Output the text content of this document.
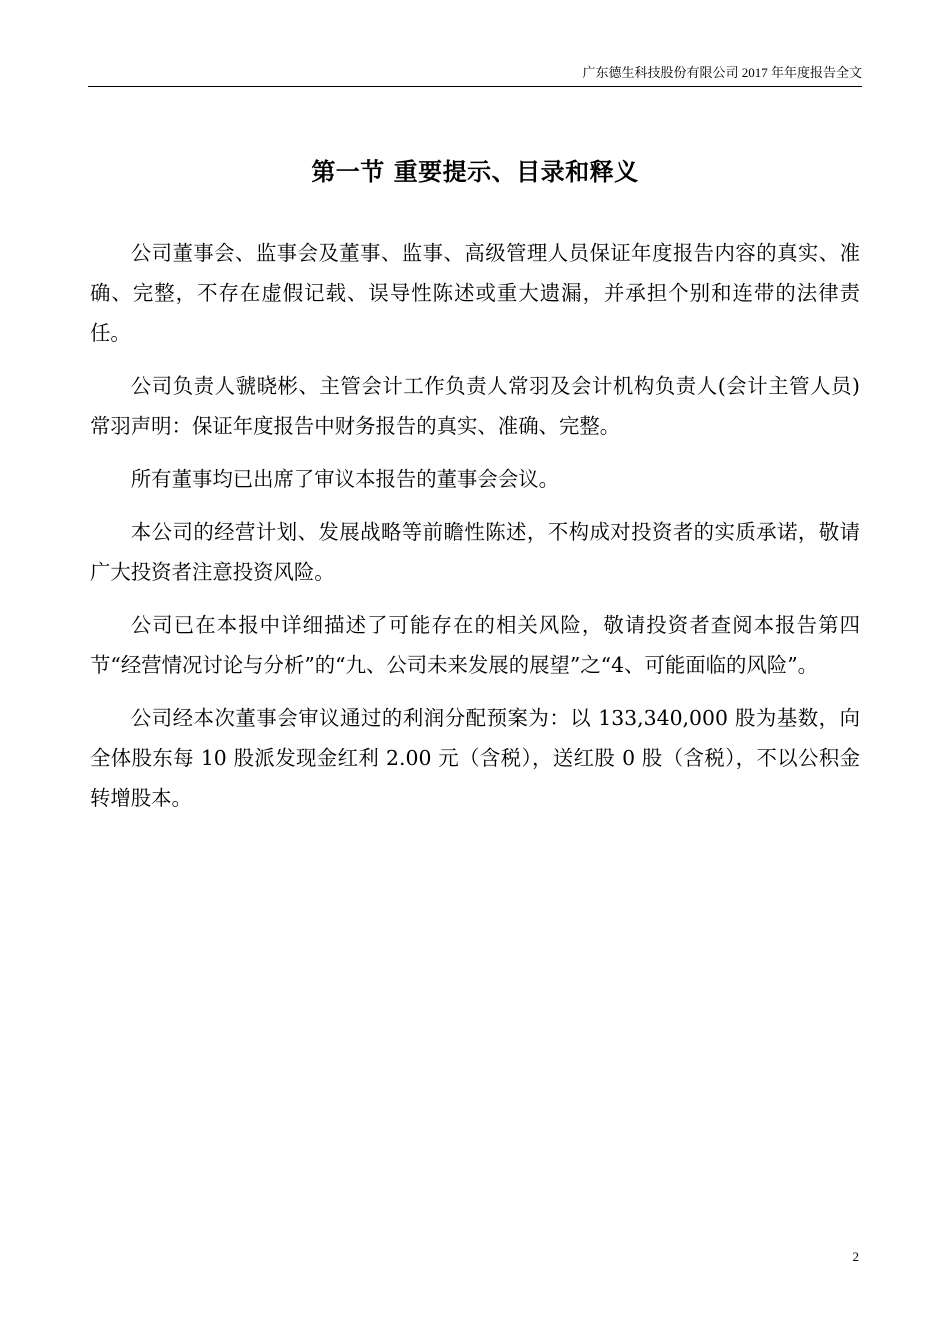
广东德生科技股份有限公司 2017 年年度报告全文
第一节 重要提示、目录和释义

公司董事会、监事会及董事、监事、高级管理人员保证年度报告内容的真实、准确、完整，不存在虚假记载、误导性陈述或重大遗漏，并承担个别和连带的法律责任。

公司负责人虢晓彬、主管会计工作负责人常羽及会计机构负责人(会计主管人员)常羽声明：保证年度报告中财务报告的真实、准确、完整。

所有董事均已出席了审议本报告的董事会会议。

本公司的经营计划、发展战略等前瞻性陈述，不构成对投资者的实质承诺，敬请广大投资者注意投资风险。

公司已在本报中详细描述了可能存在的相关风险，敬请投资者查阅本报告第四节“经营情况讨论与分析”的“九、公司未来发展的展望”之“4、可能面临的风险”。

公司经本次董事会审议通过的利润分配预案为：以 133,340,000 股为基数，向全体股东每 10 股派发现金红利 2.00 元（含税），送红股 0 股（含税），不以公积金转增股本。

2
